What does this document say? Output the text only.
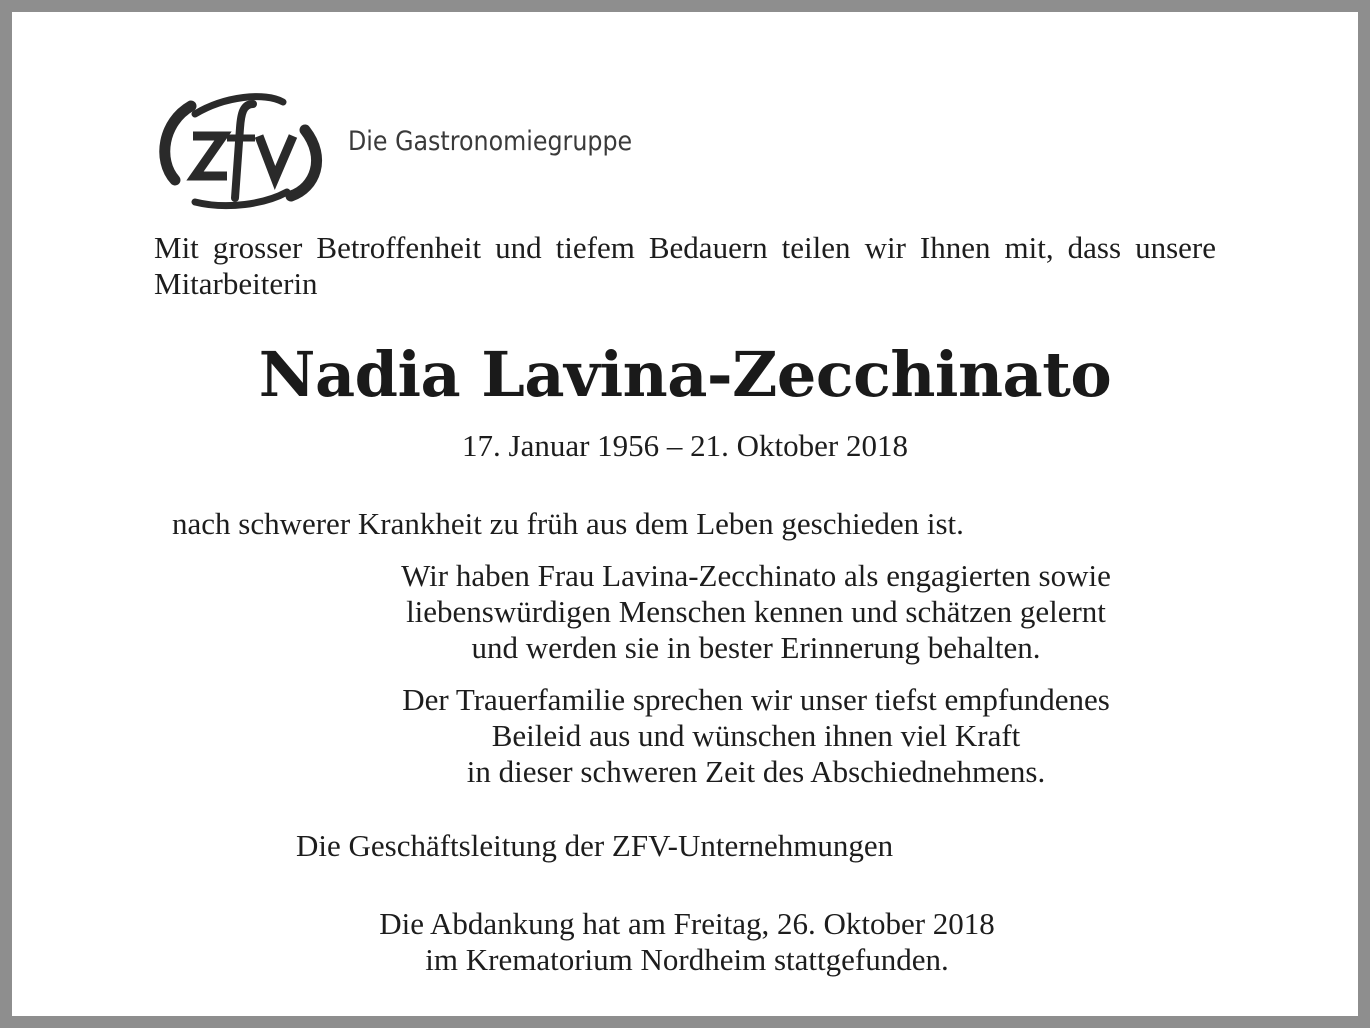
Die Gastronomiegruppe
Mit grosser Betroffenheit und tiefem Bedauern teilen wir Ihnen mit, dass unsere Mitarbeiterin
Nadia Lavina-Zecchinato
17. Januar 1956 – 21. Oktober 2018
nach schwerer Krankheit zu früh aus dem Leben geschieden ist.
Wir haben Frau Lavina-Zecchinato als engagierten sowie
liebenswürdigen Menschen kennen und schätzen gelernt
und werden sie in bester Erinnerung behalten.
Der Trauerfamilie sprechen wir unser tiefst empfundenes
Beileid aus und wünschen ihnen viel Kraft
in dieser schweren Zeit des Abschiednehmens.
Die Geschäftsleitung der ZFV-Unternehmungen
Die Abdankung hat am Freitag, 26. Oktober 2018
im Krematorium Nordheim stattgefunden.
